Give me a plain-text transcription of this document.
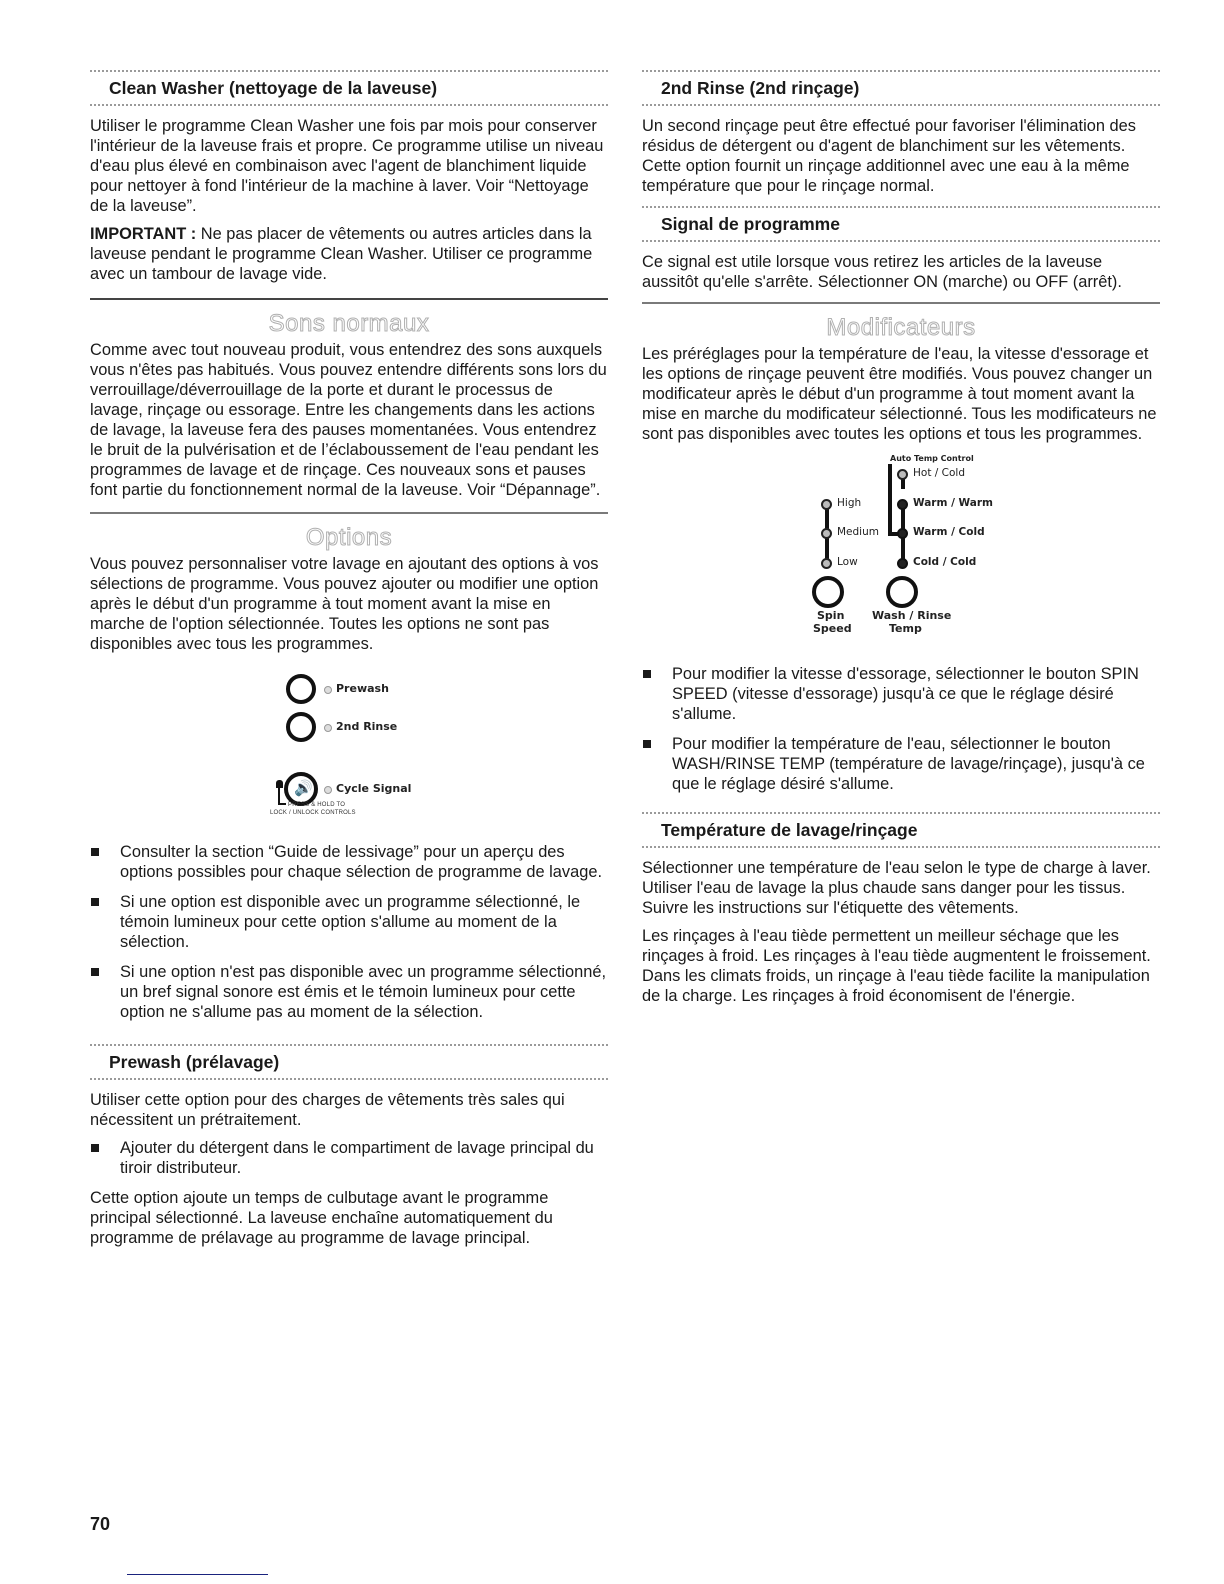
Clean Washer (nettoyage de la laveuse)

Utiliser le programme Clean Washer une fois par mois pour conserver l'intérieur de la laveuse frais et propre. Ce programme utilise un niveau d'eau plus élevé en combinaison avec l'agent de blanchiment liquide pour nettoyer à fond l'intérieur de la machine à laver. Voir “Nettoyage de la laveuse”.

IMPORTANT : Ne pas placer de vêtements ou autres articles dans la laveuse pendant le programme Clean Washer. Utiliser ce programme avec un tambour de lavage vide.

Sons normaux

Comme avec tout nouveau produit, vous entendrez des sons auxquels vous n'êtes pas habitués. Vous pouvez entendre différents sons lors du verrouillage/déverrouillage de la porte et durant le processus de lavage, rinçage ou essorage. Entre les changements dans les actions de lavage, la laveuse fera des pauses momentanées. Vous entendrez le bruit de la pulvérisation et de l’éclaboussement de l'eau pendant les programmes de lavage et de rinçage. Ces nouveaux sons et pauses font partie du fonctionnement normal de la laveuse. Voir “Dépannage”.

Options

Vous pouvez personnaliser votre lavage en ajoutant des options à vos sélections de programme. Vous pouvez ajouter ou modifier une option après le début d'un programme à tout moment avant la mise en marche de l'option sélectionnée. Toutes les options ne sont pas disponibles avec tous les programmes.

Prewash
2nd Rinse
🔊 Cycle Signal
PRESS & HOLD TO
LOCK / UNLOCK CONTROLS
Consulter la section “Guide de lessivage” pour un aperçu des options possibles pour chaque sélection de programme de lavage.
Si une option est disponible avec un programme sélectionné, le témoin lumineux pour cette option s'allume au moment de la sélection.
Si une option n'est pas disponible avec un programme sélectionné, un bref signal sonore est émis et le témoin lumineux pour cette option ne s'allume pas au moment de la sélection.
Prewash (prélavage)

Utiliser cette option pour des charges de vêtements très sales qui nécessitent un prétraitement.

Ajouter du détergent dans le compartiment de lavage principal du tiroir distributeur.

Cette option ajoute un temps de culbutage avant le programme principal sélectionné. La laveuse enchaîne automatiquement du programme de prélavage au programme de lavage principal.

2nd Rinse (2nd rinçage)

Un second rinçage peut être effectué pour favoriser l'élimination des résidus de détergent ou d'agent de blanchiment sur les vêtements. Cette option fournit un rinçage additionnel avec une eau à la même température que pour le rinçage normal.

Signal de programme

Ce signal est utile lorsque vous retirez les articles de la laveuse aussitôt qu'elle s'arrête. Sélectionner ON (marche) ou OFF (arrêt).

Modificateurs

Les préréglages pour la température de l'eau, la vitesse d'essorage et les options de rinçage peuvent être modifiés. Vous pouvez changer un modificateur après le début d'un programme à tout moment avant la mise en marche du modificateur sélectionné. Tous les modificateurs ne sont pas disponibles avec toutes les options et tous les programmes.

Auto Temp Control
High
Medium
Low
Hot / Cold
Warm / Warm
Warm / Cold
Cold / Cold
Spin
Speed
Wash / Rinse
Temp
Pour modifier la vitesse d'essorage, sélectionner le bouton SPIN SPEED (vitesse d'essorage) jusqu'à ce que le réglage désiré s'allume.
Pour modifier la température de l'eau, sélectionner le bouton WASH/RINSE TEMP (température de lavage/rinçage), jusqu'à ce que le réglage désiré s'allume.
Température de lavage/rinçage

Sélectionner une température de l'eau selon le type de charge à laver. Utiliser l'eau de lavage la plus chaude sans danger pour les tissus. Suivre les instructions sur l'étiquette des vêtements.

Les rinçages à l'eau tiède permettent un meilleur séchage que les rinçages à froid. Les rinçages à l'eau tiède augmentent le froissement. Dans les climats froids, un rinçage à l'eau tiède facilite la manipulation de la charge. Les rinçages à froid économisent de l'énergie.

70
